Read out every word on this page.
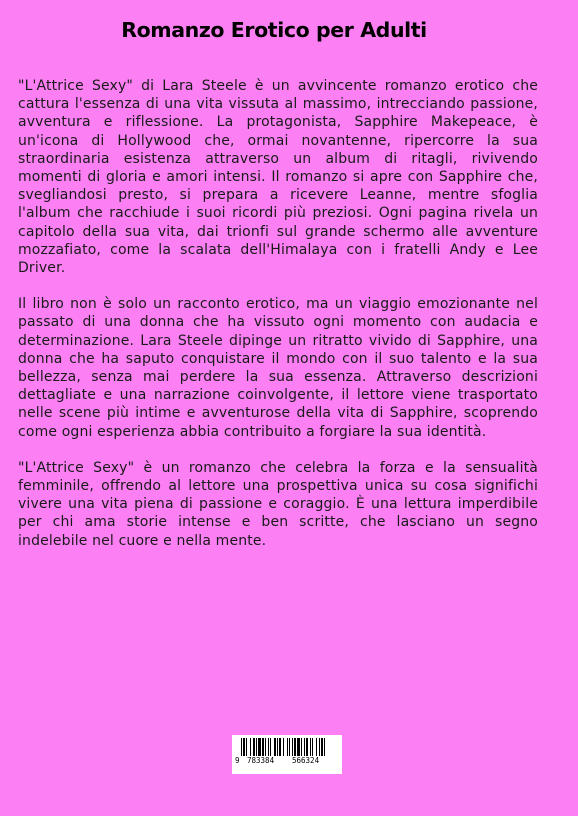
Romanzo Erotico per Adulti

"L'Attrice Sexy" di Lara Steele è un avvincente romanzo erotico che cattura l'essenza di una vita vissuta al massimo, intrecciando passione, avventura e riflessione. La protagonista, Sapphire Makepeace, è un'icona di Hollywood che, ormai novantenne, ripercorre la sua straordinaria esistenza attraverso un album di ritagli, rivivendo momenti di gloria e amori intensi. Il romanzo si apre con Sapphire che, svegliandosi presto, si prepara a ricevere Leanne, mentre sfoglia l'album che racchiude i suoi ricordi più preziosi. Ogni pagina rivela un capitolo della sua vita, dai trionfi sul grande schermo alle avventure mozzafiato, come la scalata dell'Himalaya con i fratelli Andy e Lee Driver.

Il libro non è solo un racconto erotico, ma un viaggio emozionante nel passato di una donna che ha vissuto ogni momento con audacia e determinazione. Lara Steele dipinge un ritratto vivido di Sapphire, una donna che ha saputo conquistare il mondo con il suo talento e la sua bellezza, senza mai perdere la sua essenza. Attraverso descrizioni dettagliate e una narrazione coinvolgente, il lettore viene trasportato nelle scene più intime e avventurose della vita di Sapphire, scoprendo come ogni esperienza abbia contribuito a forgiare la sua identità.

"L'Attrice Sexy" è un romanzo che celebra la forza e la sensualità femminile, offrendo al lettore una prospettiva unica su cosa significhi vivere una vita piena di passione e coraggio. È una lettura imperdibile per chi ama storie intense e ben scritte, che lasciano un segno indelebile nel cuore e nella mente.

9 783384 566324
